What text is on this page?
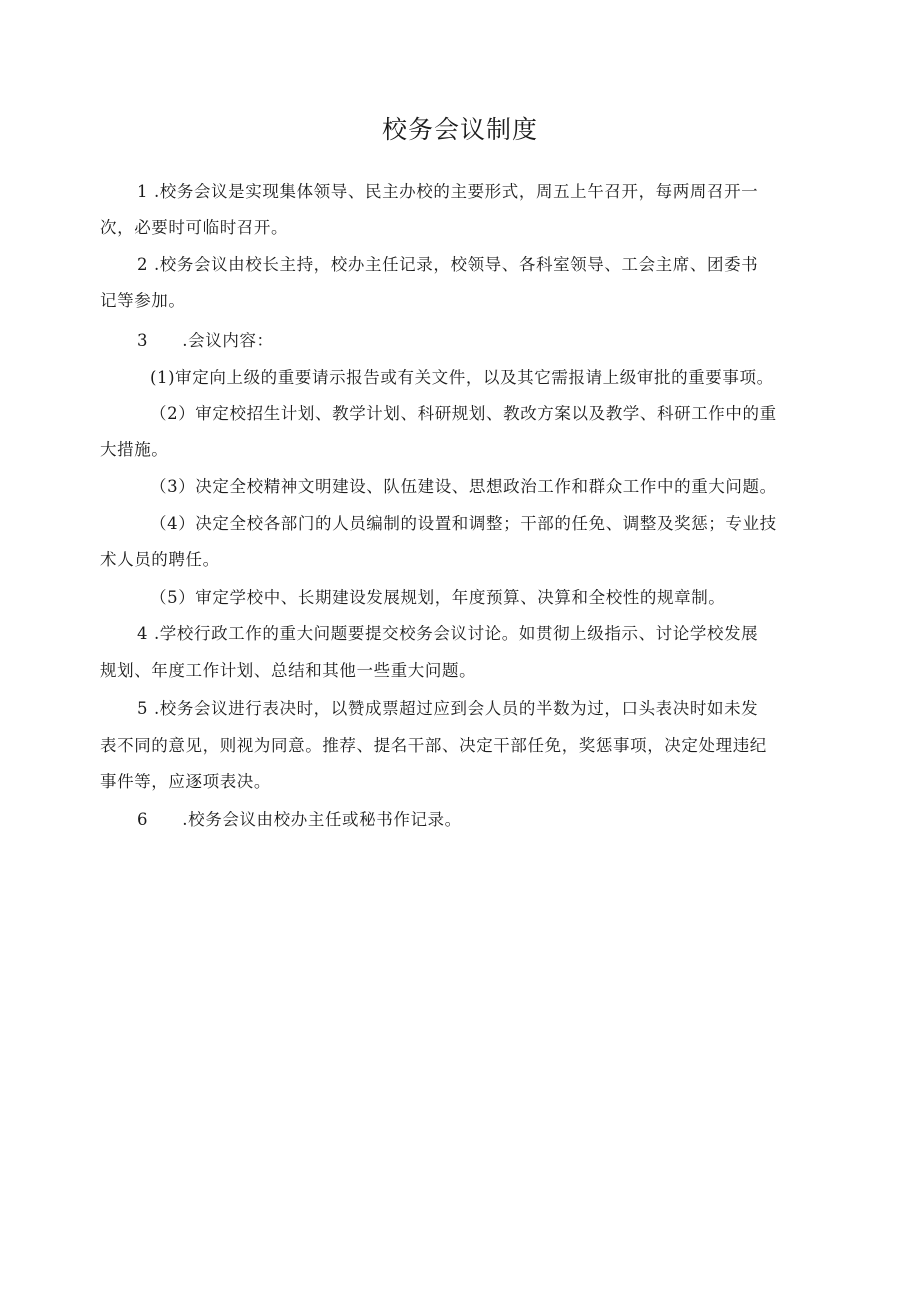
校务会议制度
1 .校务会议是实现集体领导、民主办校的主要形式，周五上午召开，每两周召开一
次，必要时可临时召开。
2 .校务会议由校长主持，校办主任记录，校领导、各科室领导、工会主席、团委书
记等参加。
3　　.会议内容：
(1)审定向上级的重要请示报告或有关文件，以及其它需报请上级审批的重要事项。
（2）审定校招生计划、教学计划、科研规划、教改方案以及教学、科研工作中的重
大措施。
（3）决定全校精神文明建设、队伍建设、思想政治工作和群众工作中的重大问题。
（4）决定全校各部门的人员编制的设置和调整；干部的任免、调整及奖惩；专业技
术人员的聘任。
（5）审定学校中、长期建设发展规划，年度预算、决算和全校性的规章制。
4 .学校行政工作的重大问题要提交校务会议讨论。如贯彻上级指示、讨论学校发展
规划、年度工作计划、总结和其他一些重大问题。
5 .校务会议进行表决时，以赞成票超过应到会人员的半数为过，口头表决时如未发
表不同的意见，则视为同意。推荐、提名干部、决定干部任免，奖惩事项，决定处理违纪
事件等，应逐项表决。
6　　.校务会议由校办主任或秘书作记录。
